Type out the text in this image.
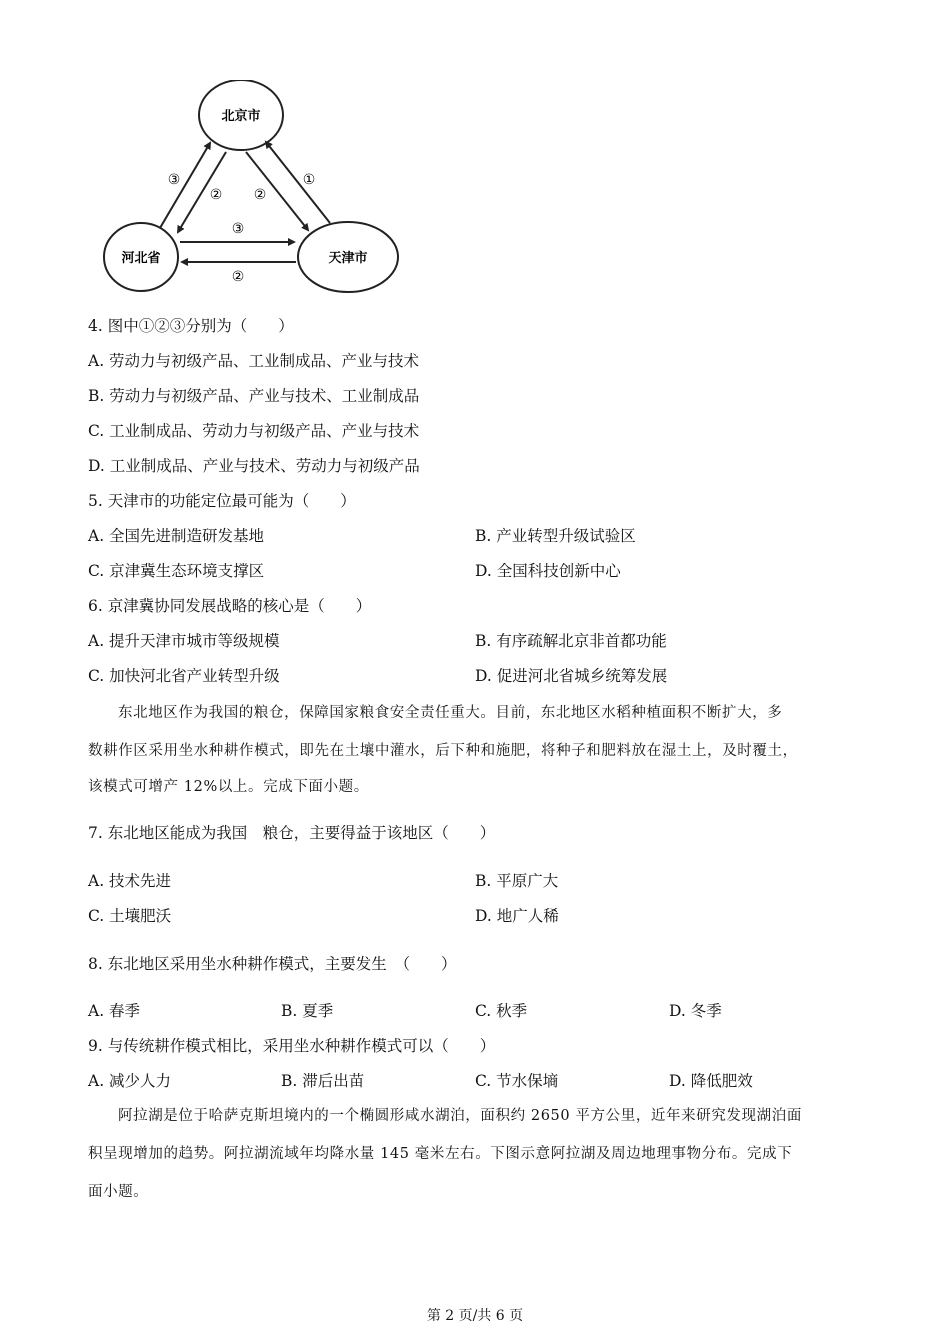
北京市
河北省	天津市
③
② ②
①
③
②
4. 图中①②③分别为（　　）
A. 劳动力与初级产品、工业制成品、产业与技术
B. 劳动力与初级产品、产业与技术、工业制成品
C. 工业制成品、劳动力与初级产品、产业与技术
D. 工业制成品、产业与技术、劳动力与初级产品
5. 天津市的功能定位最可能为（　　）
A. 全国先进制造研发基地	B. 产业转型升级试验区
C. 京津冀生态环境支撑区	D. 全国科技创新中心
6. 京津冀协同发展战略的核心是（　　）
A. 提升天津市城市等级规模	B. 有序疏解北京非首都功能
C. 加快河北省产业转型升级	D. 促进河北省城乡统筹发展
东北地区作为我国的粮仓，保障国家粮食安全责任重大。目前，东北地区水稻种植面积不断扩大，多
数耕作区采用坐水种耕作模式，即先在土壤中灌水，后下种和施肥，将种子和肥料放在湿土上，及时覆土，
该模式可增产 12%以上。完成下面小题。
7. 东北地区能成为我国　粮仓，主要得益于该地区（　　）
A. 技术先进	B. 平原广大
C. 土壤肥沃	D. 地广人稀
8. 东北地区采用坐水种耕作模式，主要发生　（　　）
A. 春季	B. 夏季	C. 秋季	D. 冬季
9. 与传统耕作模式相比，采用坐水种耕作模式可以（　　）
A. 减少人力	B. 滞后出苗	C. 节水保墒	D. 降低肥效
阿拉湖是位于哈萨克斯坦境内的一个椭圆形咸水湖泊，面积约 2650 平方公里，近年来研究发现湖泊面
积呈现增加的趋势。阿拉湖流域年均降水量 145 毫米左右。下图示意阿拉湖及周边地理事物分布。完成下
面小题。
第 2 页/共 6 页
